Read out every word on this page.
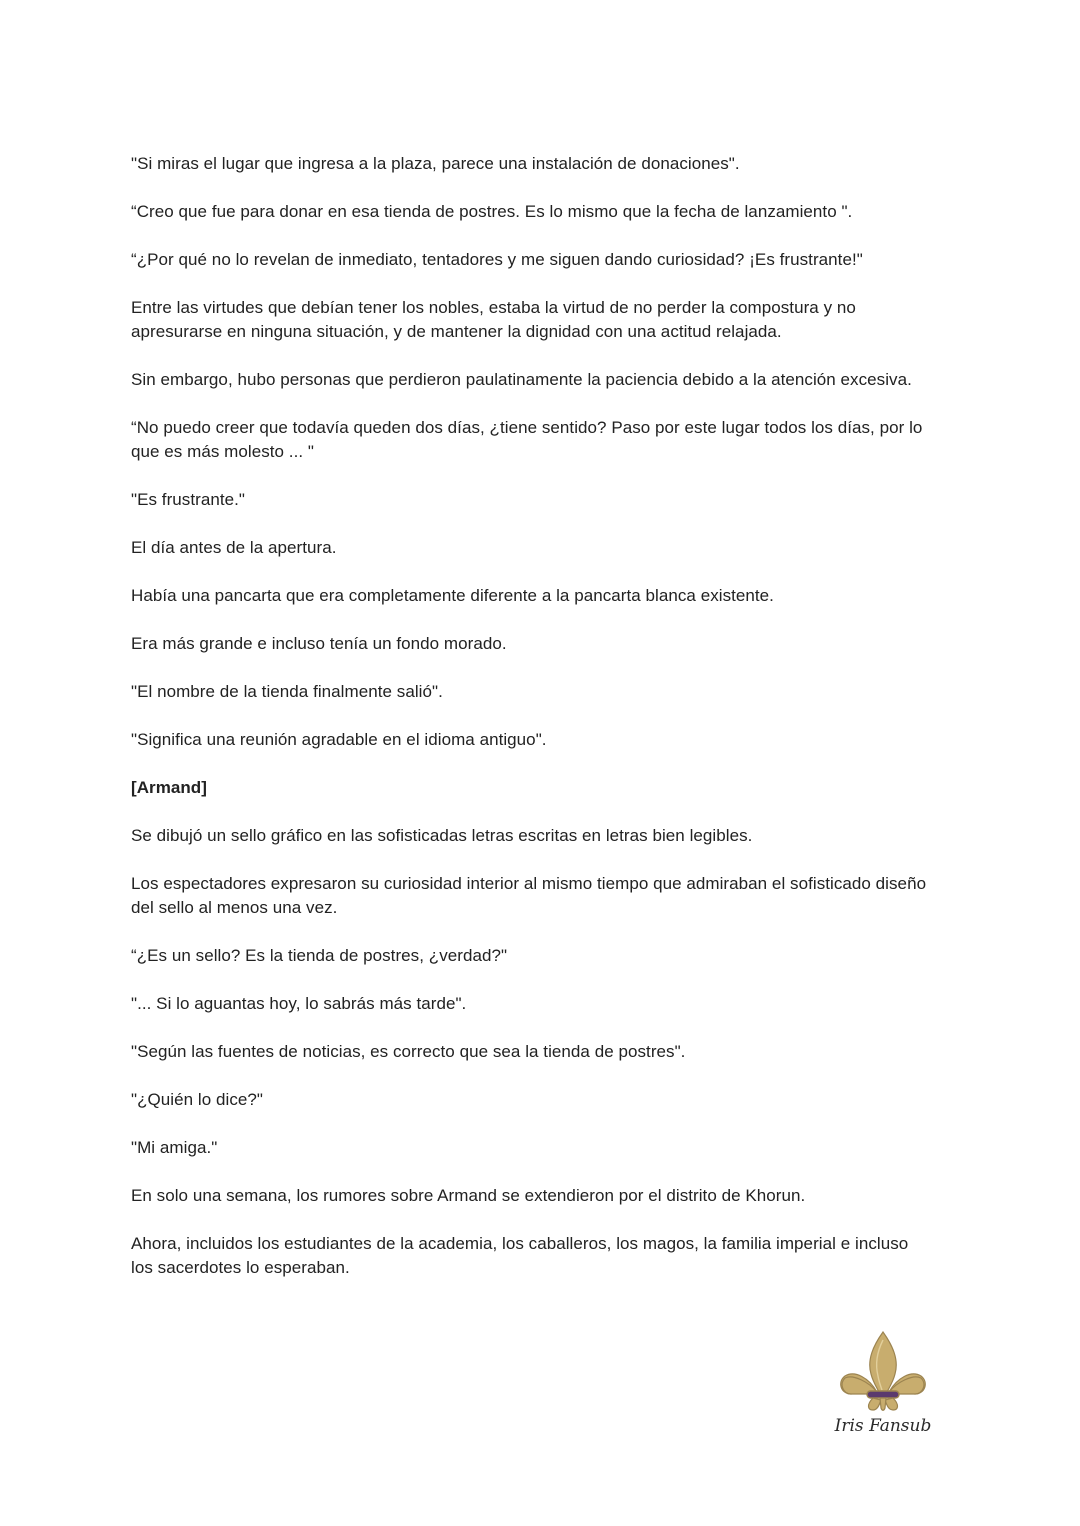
"Si miras el lugar que ingresa a la plaza, parece una instalación de donaciones".

“Creo que fue para donar en esa tienda de postres. Es lo mismo que la fecha de lanzamiento ".

“¿Por qué no lo revelan de inmediato, tentadores y me siguen dando curiosidad? ¡Es frustrante!"

Entre las virtudes que debían tener los nobles, estaba la virtud de no perder la compostura y no apresurarse en ninguna situación, y de mantener la dignidad con una actitud relajada.

Sin embargo, hubo personas que perdieron paulatinamente la paciencia debido a la atención excesiva.

“No puedo creer que todavía queden dos días, ¿tiene sentido? Paso por este lugar todos los días, por lo que es más molesto ... "

"Es frustrante."

El día antes de la apertura.

Había una pancarta que era completamente diferente a la pancarta blanca existente.

Era más grande e incluso tenía un fondo morado.

"El nombre de la tienda finalmente salió".

"Significa una reunión agradable en el idioma antiguo".

[Armand]

Se dibujó un sello gráfico en las sofisticadas letras escritas en letras bien legibles.

Los espectadores expresaron su curiosidad interior al mismo tiempo que admiraban el sofisticado diseño del sello al menos una vez.

“¿Es un sello? Es la tienda de postres, ¿verdad?"

"... Si lo aguantas hoy, lo sabrás más tarde".

"Según las fuentes de noticias, es correcto que sea la tienda de postres".

"¿Quién lo dice?"

"Mi amiga."

En solo una semana, los rumores sobre Armand se extendieron por el distrito de Khorun.

Ahora, incluidos los estudiantes de la academia, los caballeros, los magos, la familia imperial e incluso los sacerdotes lo esperaban.

Iris Fansub
